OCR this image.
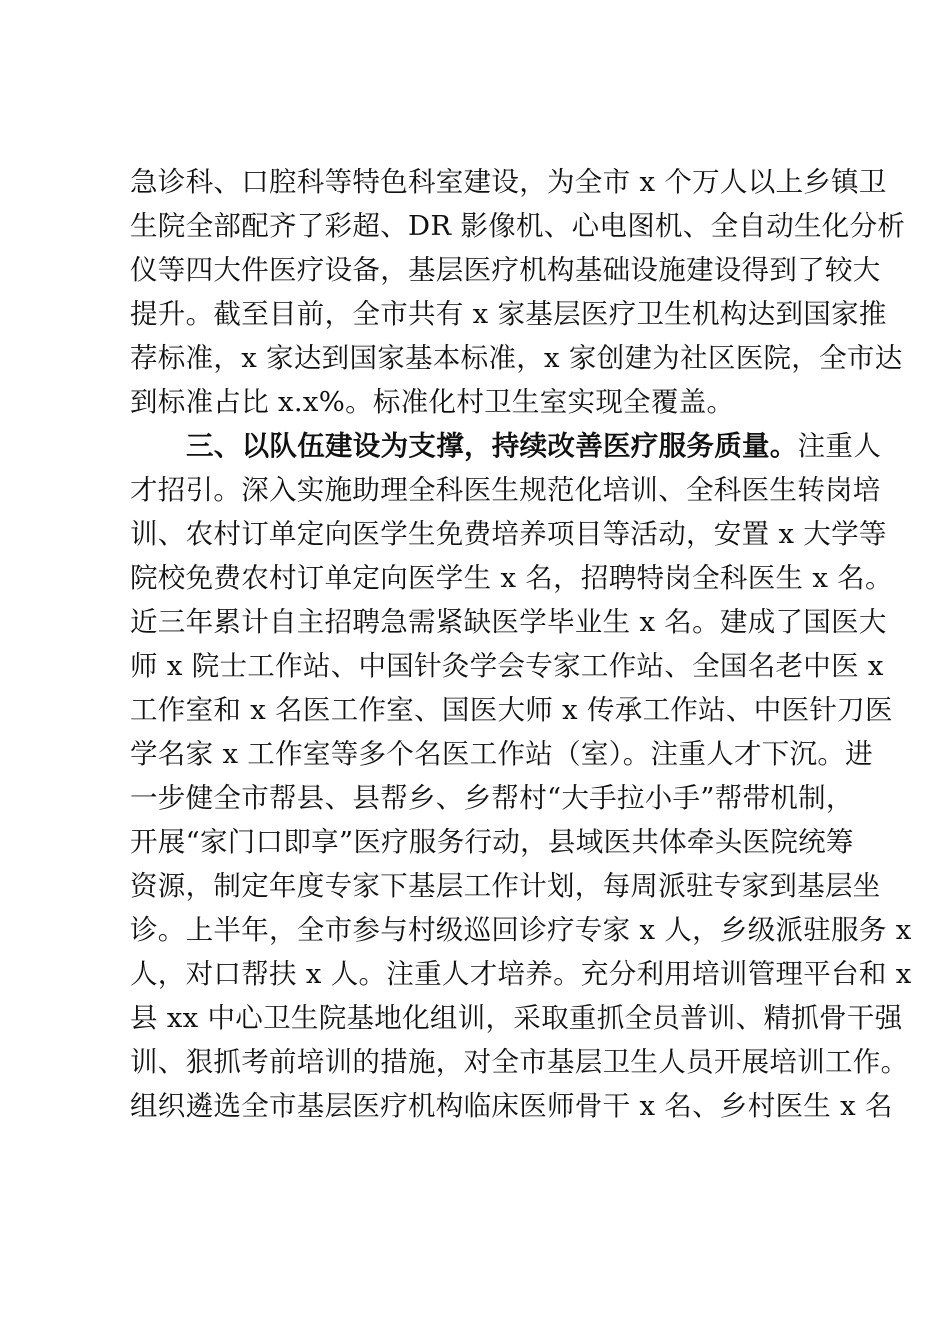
急诊科、口腔科等特色科室建设，为全市 x 个万人以上乡镇卫
生院全部配齐了彩超、DR 影像机、心电图机、全自动生化分析
仪等四大件医疗设备，基层医疗机构基础设施建设得到了较大
提升。截至目前，全市共有 x 家基层医疗卫生机构达到国家推
荐标准，x 家达到国家基本标准，x 家创建为社区医院，全市达
到标准占比 x.x%。标准化村卫生室实现全覆盖。
三、以队伍建设为支撑，持续改善医疗服务质量。注重人
才招引。深入实施助理全科医生规范化培训、全科医生转岗培
训、农村订单定向医学生免费培养项目等活动，安置 x 大学等
院校免费农村订单定向医学生 x 名，招聘特岗全科医生 x 名。
近三年累计自主招聘急需紧缺医学毕业生 x 名。建成了国医大
师 x 院士工作站、中国针灸学会专家工作站、全国名老中医 x
工作室和 x 名医工作室、国医大师 x 传承工作站、中医针刀医
学名家 x 工作室等多个名医工作站（室）。注重人才下沉。进
一步健全市帮县、县帮乡、乡帮村“大手拉小手”帮带机制，
开展“家门口即享”医疗服务行动，县域医共体牵头医院统筹
资源，制定年度专家下基层工作计划，每周派驻专家到基层坐
诊。上半年，全市参与村级巡回诊疗专家 x 人，乡级派驻服务 x
人，对口帮扶 x 人。注重人才培养。充分利用培训管理平台和 x
县 xx 中心卫生院基地化组训，采取重抓全员普训、精抓骨干强
训、狠抓考前培训的措施，对全市基层卫生人员开展培训工作。
组织遴选全市基层医疗机构临床医师骨干 x 名、乡村医生 x 名
